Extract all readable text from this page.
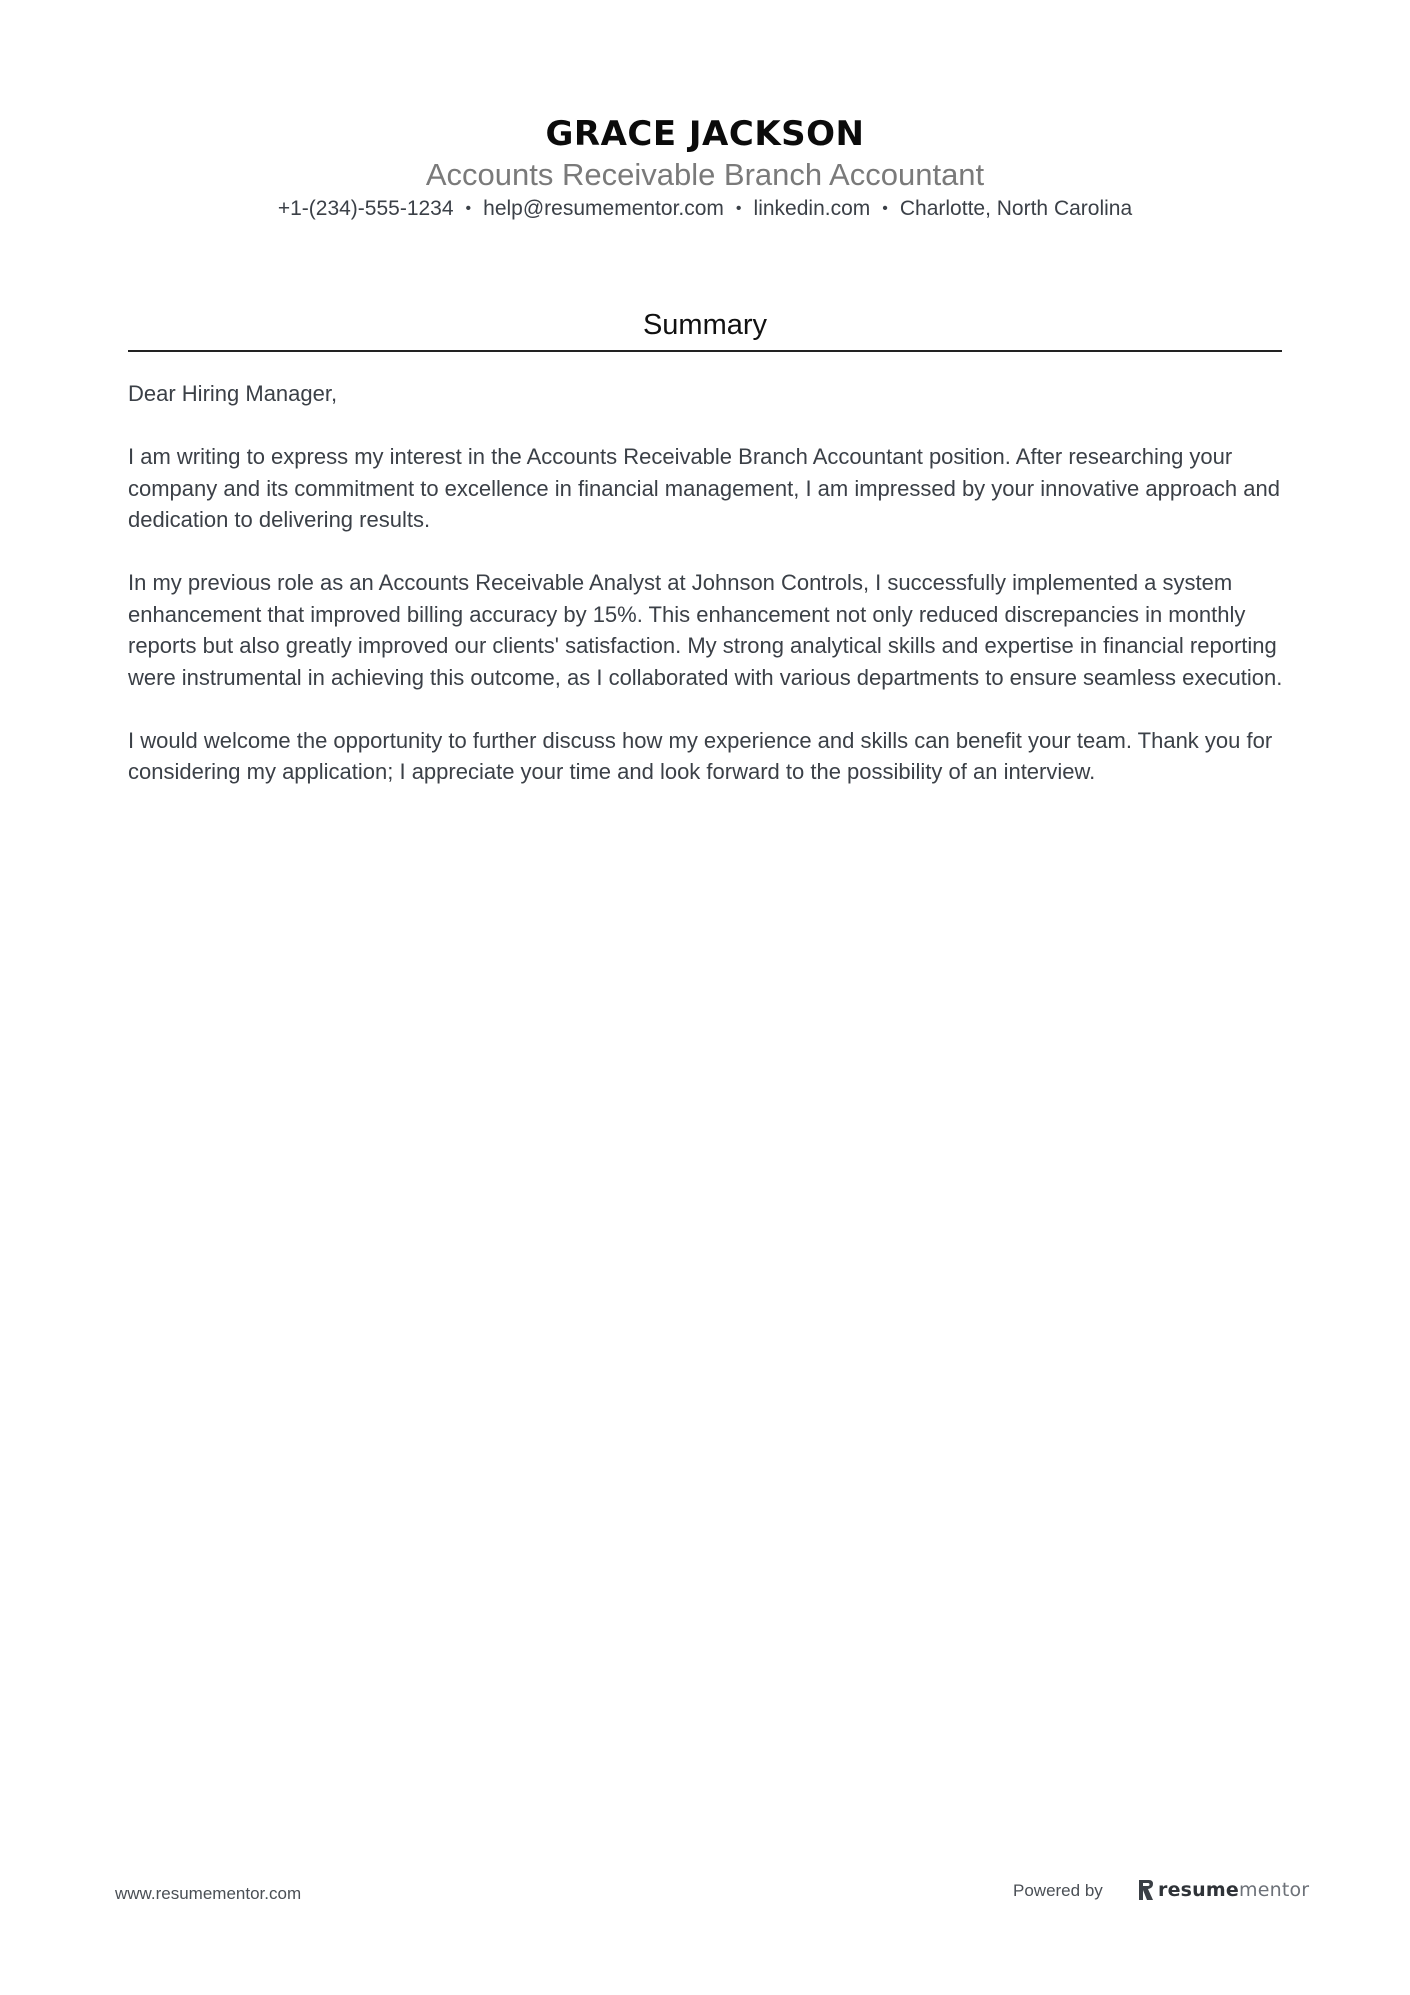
GRACE JACKSON
Accounts Receivable Branch Accountant
+1-(234)-555-1234 • help@resumementor.com • linkedin.com • Charlotte, North Carolina
Summary

Dear Hiring Manager,

I am writing to express my interest in the Accounts Receivable Branch Accountant position. After researching your company and its commitment to excellence in financial management, I am impressed by your innovative approach and dedication to delivering results.

In my previous role as an Accounts Receivable Analyst at Johnson Controls, I successfully implemented a system enhancement that improved billing accuracy by 15%. This enhancement not only reduced discrepancies in monthly reports but also greatly improved our clients' satisfaction. My strong analytical skills and expertise in financial reporting were instrumental in achieving this outcome, as I collaborated with various departments to ensure seamless execution.

I would welcome the opportunity to further discuss how my experience and skills can benefit your team. Thank you for considering my application; I appreciate your time and look forward to the possibility of an interview.

www.resumementor.com	Powered by	resumementor
